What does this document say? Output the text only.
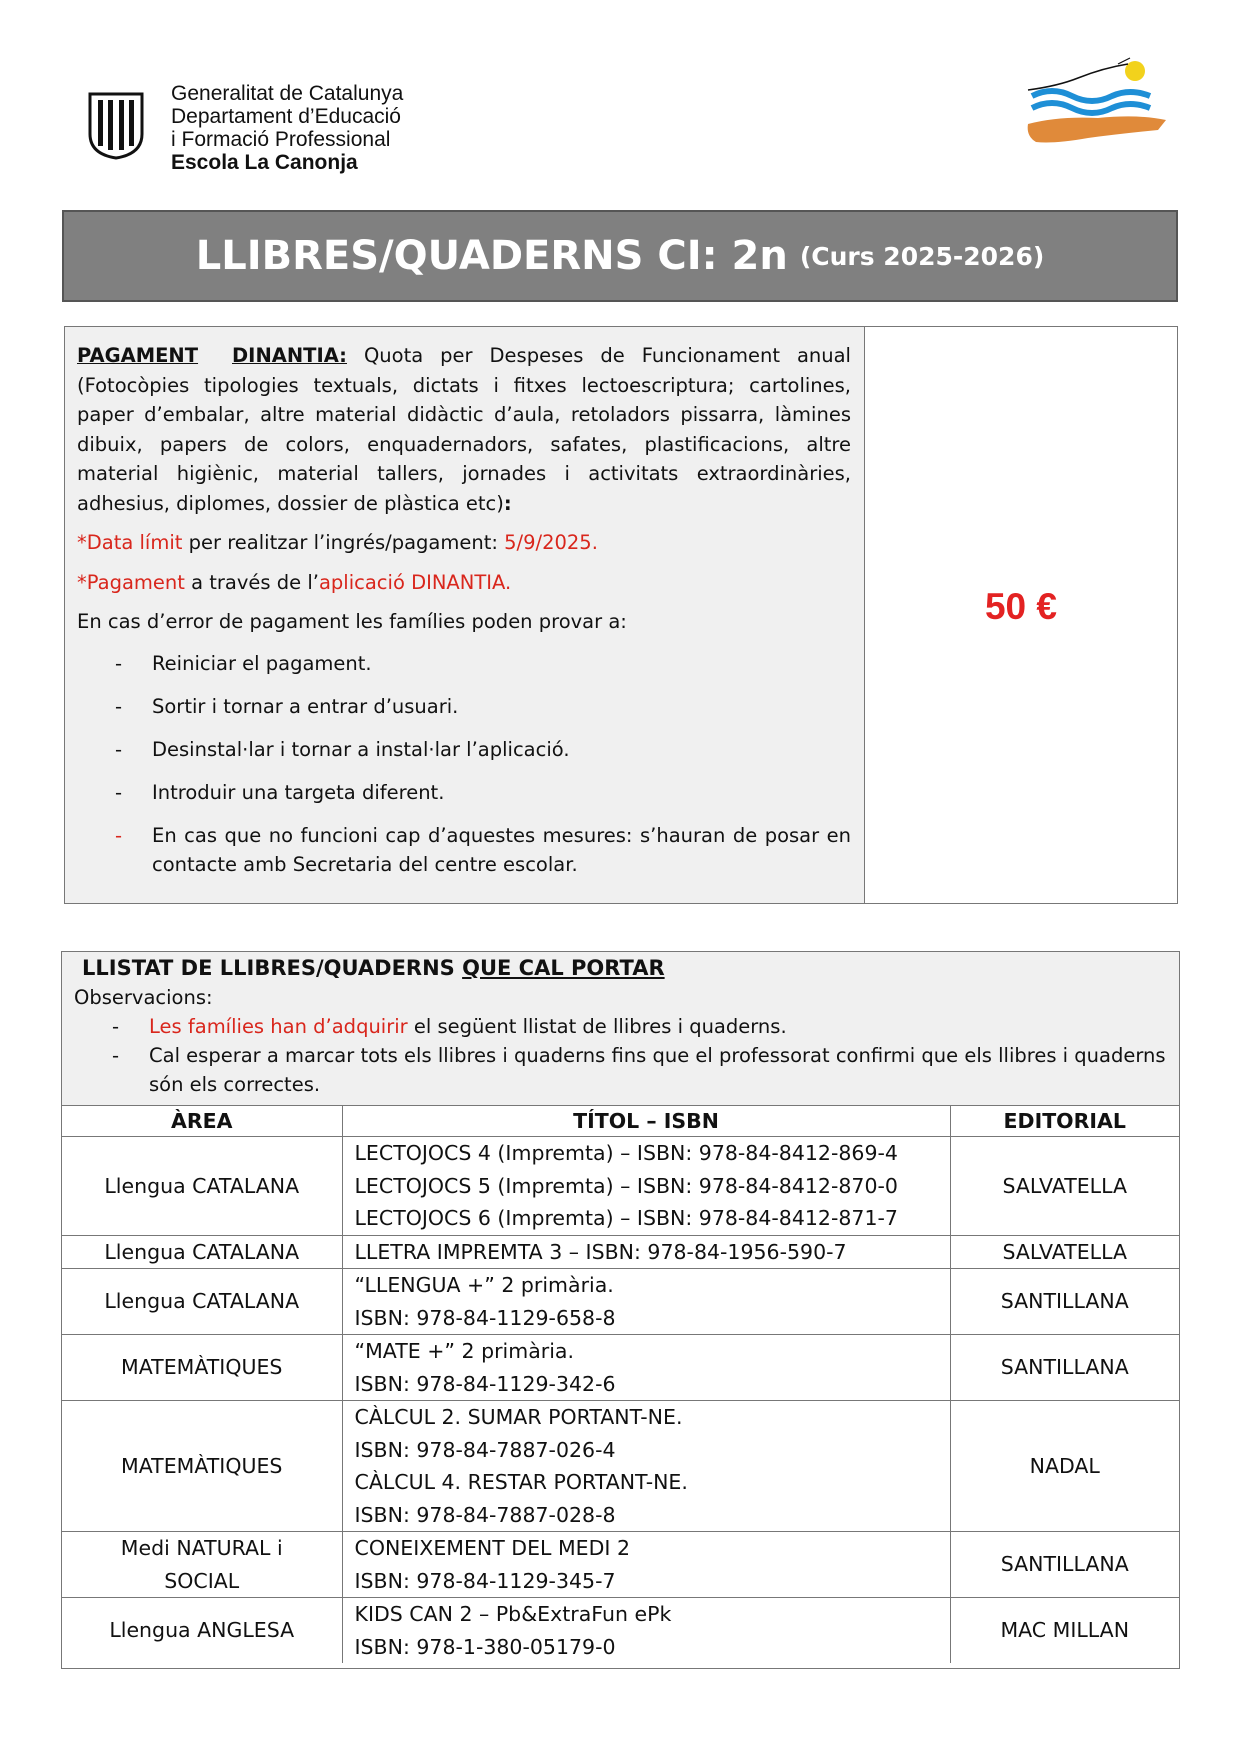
Generalitat de Catalunya
Departament d’Educació
i Formació Professional
Escola La Canonja
LLIBRES/QUADERNS CI: 2n (Curs 2025-2026)

PAGAMENT DINANTIA: Quota per Despeses de Funcionament anual (Fotocòpies tipologies textuals, dictats i fitxes lectoescriptura; cartolines, paper d’embalar, altre material didàctic d’aula, retoladors pissarra, làmines dibuix, papers de colors, enquadernadors, safates, plastificacions, altre material higiènic, material tallers, jornades i activitats extraordinàries, adhesius, diplomes, dossier de plàstica etc):

*Data límit per realitzar l’ingrés/pagament: 5/9/2025.

*Pagament a través de l’aplicació DINANTIA.

En cas d’error de pagament les famílies poden provar a:

- Reiniciar el pagament.
- Sortir i tornar a entrar d’usuari.
- Desinstal·lar i tornar a instal·lar l’aplicació.
- Introduir una targeta diferent.
- En cas que no funcioni cap d’aquestes mesures: s’hauran de posar en contacte amb Secretaria del centre escolar.
50 €
LLISTAT DE LLIBRES/QUADERNS QUE CAL PORTAR
Observacions:
- Les famílies han d’adquirir el següent llistat de llibres i quaderns.
- Cal esperar a marcar tots els llibres i quaderns fins que el professorat confirmi que els llibres i quaderns són els correctes.
ÀREA	TÍTOL – ISBN	EDITORIAL
Llengua CATALANA	LECTOJOCS 4 (Impremta) – ISBN: 978-84-8412-869-4
LECTOJOCS 5 (Impremta) – ISBN: 978-84-8412-870-0
LECTOJOCS 6 (Impremta) – ISBN: 978-84-8412-871-7	SALVATELLA
Llengua CATALANA	LLETRA IMPREMTA 3 – ISBN: 978-84-1956-590-7	SALVATELLA
Llengua CATALANA	“LLENGUA +” 2 primària.
ISBN: 978-84-1129-658-8	SANTILLANA
MATEMÀTIQUES	“MATE +” 2 primària.
ISBN: 978-84-1129-342-6	SANTILLANA
MATEMÀTIQUES	CÀLCUL 2. SUMAR PORTANT-NE.
ISBN: 978-84-7887-026-4
CÀLCUL 4. RESTAR PORTANT-NE.
ISBN: 978-84-7887-028-8	NADAL
Medi NATURAL i SOCIAL	CONEIXEMENT DEL MEDI 2
ISBN: 978-84-1129-345-7	SANTILLANA
Llengua ANGLESA	KIDS CAN 2 – Pb&ExtraFun ePk
ISBN: 978-1-380-05179-0	MAC MILLAN
